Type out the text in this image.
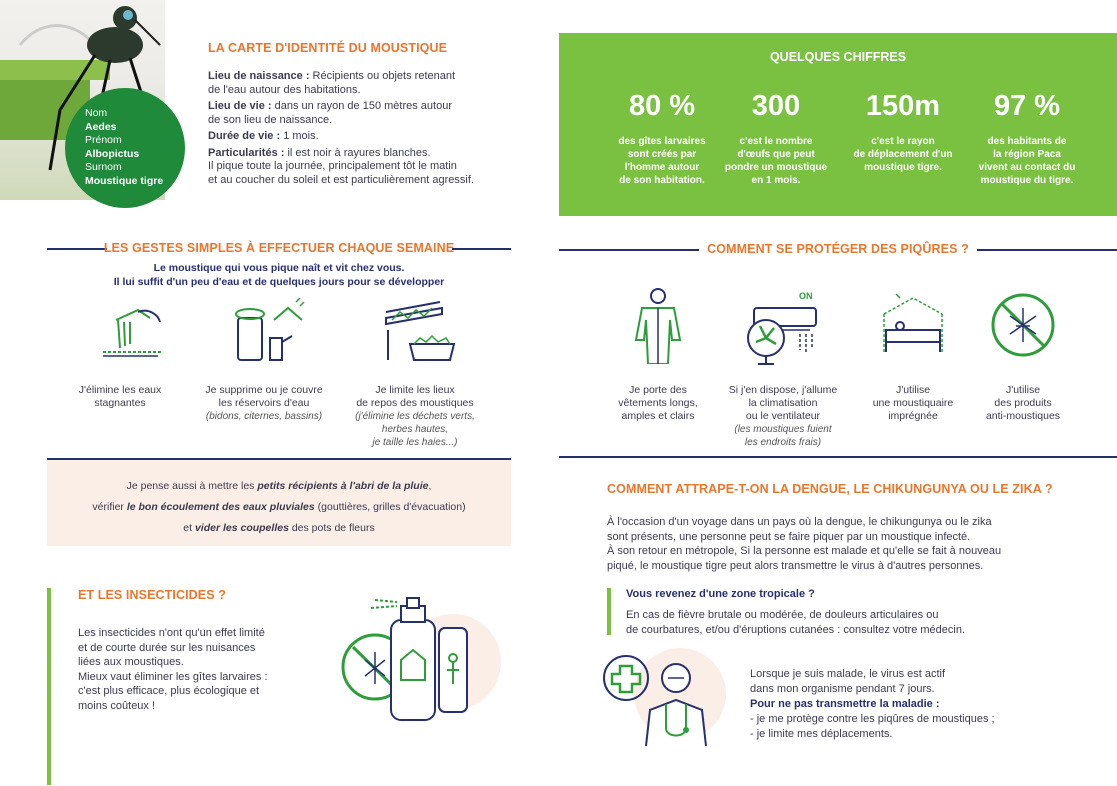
Nom
Aedes
Prénom
Albopictus
Surnom
Moustique tigre
LA CARTE D'IDENTITÉ DU MOUSTIQUE

Lieu de naissance : Récipients ou objets retenant
de l'eau autour des habitations.

Lieu de vie : dans un rayon de 150 mètres autour
de son lieu de naissance.

Durée de vie : 1 mois.

Particularités : il est noir à rayures blanches.
Il pique toute la journée, principalement tôt le matin
et au coucher du soleil et est particulièrement agressif.

QUELQUES CHIFFRES
80 %
des gîtes larvaires
sont créés par
l'homme autour
de son habitation.
300
c'est le nombre
d'œufs que peut
pondre un moustique
en 1 mois.
150m
c'est le rayon
de déplacement d'un
moustique tigre.
97 %
des habitants de
la région Paca
vivent au contact du
moustique du tigre.
LES GESTES SIMPLES À EFFECTUER CHAQUE SEMAINE
Le moustique qui vous pique naît et vit chez vous.
Il lui suffit d'un peu d'eau et de quelques jours pour se développer
J'élimine les eaux
stagnantes
Je supprime ou je couvre
les réservoirs d'eau
(bidons, citernes, bassins)
Je limite les lieux
de repos des moustiques
(j'élimine les déchets verts,
herbes hautes,
je taille les haies...)
Je pense aussi à mettre les petits récipients à l'abri de la pluie,
vérifier le bon écoulement des eaux pluviales (gouttières, grilles d'évacuation)
et vider les coupelles des pots de fleurs
ET LES INSECTICIDES ?
Les insecticides n'ont qu'un effet limité
et de courte durée sur les nuisances
liées aux moustiques.
Mieux vaut éliminer les gîtes larvaires :
c'est plus efficace, plus écologique et
moins coûteux !
COMMENT SE PROTÉGER DES PIQÛRES ?
ON
Je porte des
vêtements longs,
amples et clairs
Si j'en dispose, j'allume
la climatisation
ou le ventilateur
(les moustiques fuient
les endroits frais)
J'utilise
une moustiquaire
imprégnée
J'utilise
des produits
anti-moustiques
COMMENT ATTRAPE-T-ON LA DENGUE, LE CHIKUNGUNYA OU LE ZIKA ?
À l'occasion d'un voyage dans un pays où la dengue, le chikungunya ou le zika
sont présents, une personne peut se faire piquer par un moustique infecté.
À son retour en métropole, Si la personne est malade et qu'elle se fait à nouveau
piqué, le moustique tigre peut alors transmettre le virus à d'autres personnes.
Vous revenez d'une zone tropicale ?
En cas de fièvre brutale ou modérée, de douleurs articulaires ou
de courbatures, et/ou d'éruptions cutanées : consultez votre médecin.
Lorsque je suis malade, le virus est actif
dans mon organisme pendant 7 jours.
Pour ne pas transmettre la maladie :
- je me protège contre les piqûres de moustiques ;
- je limite mes déplacements.
